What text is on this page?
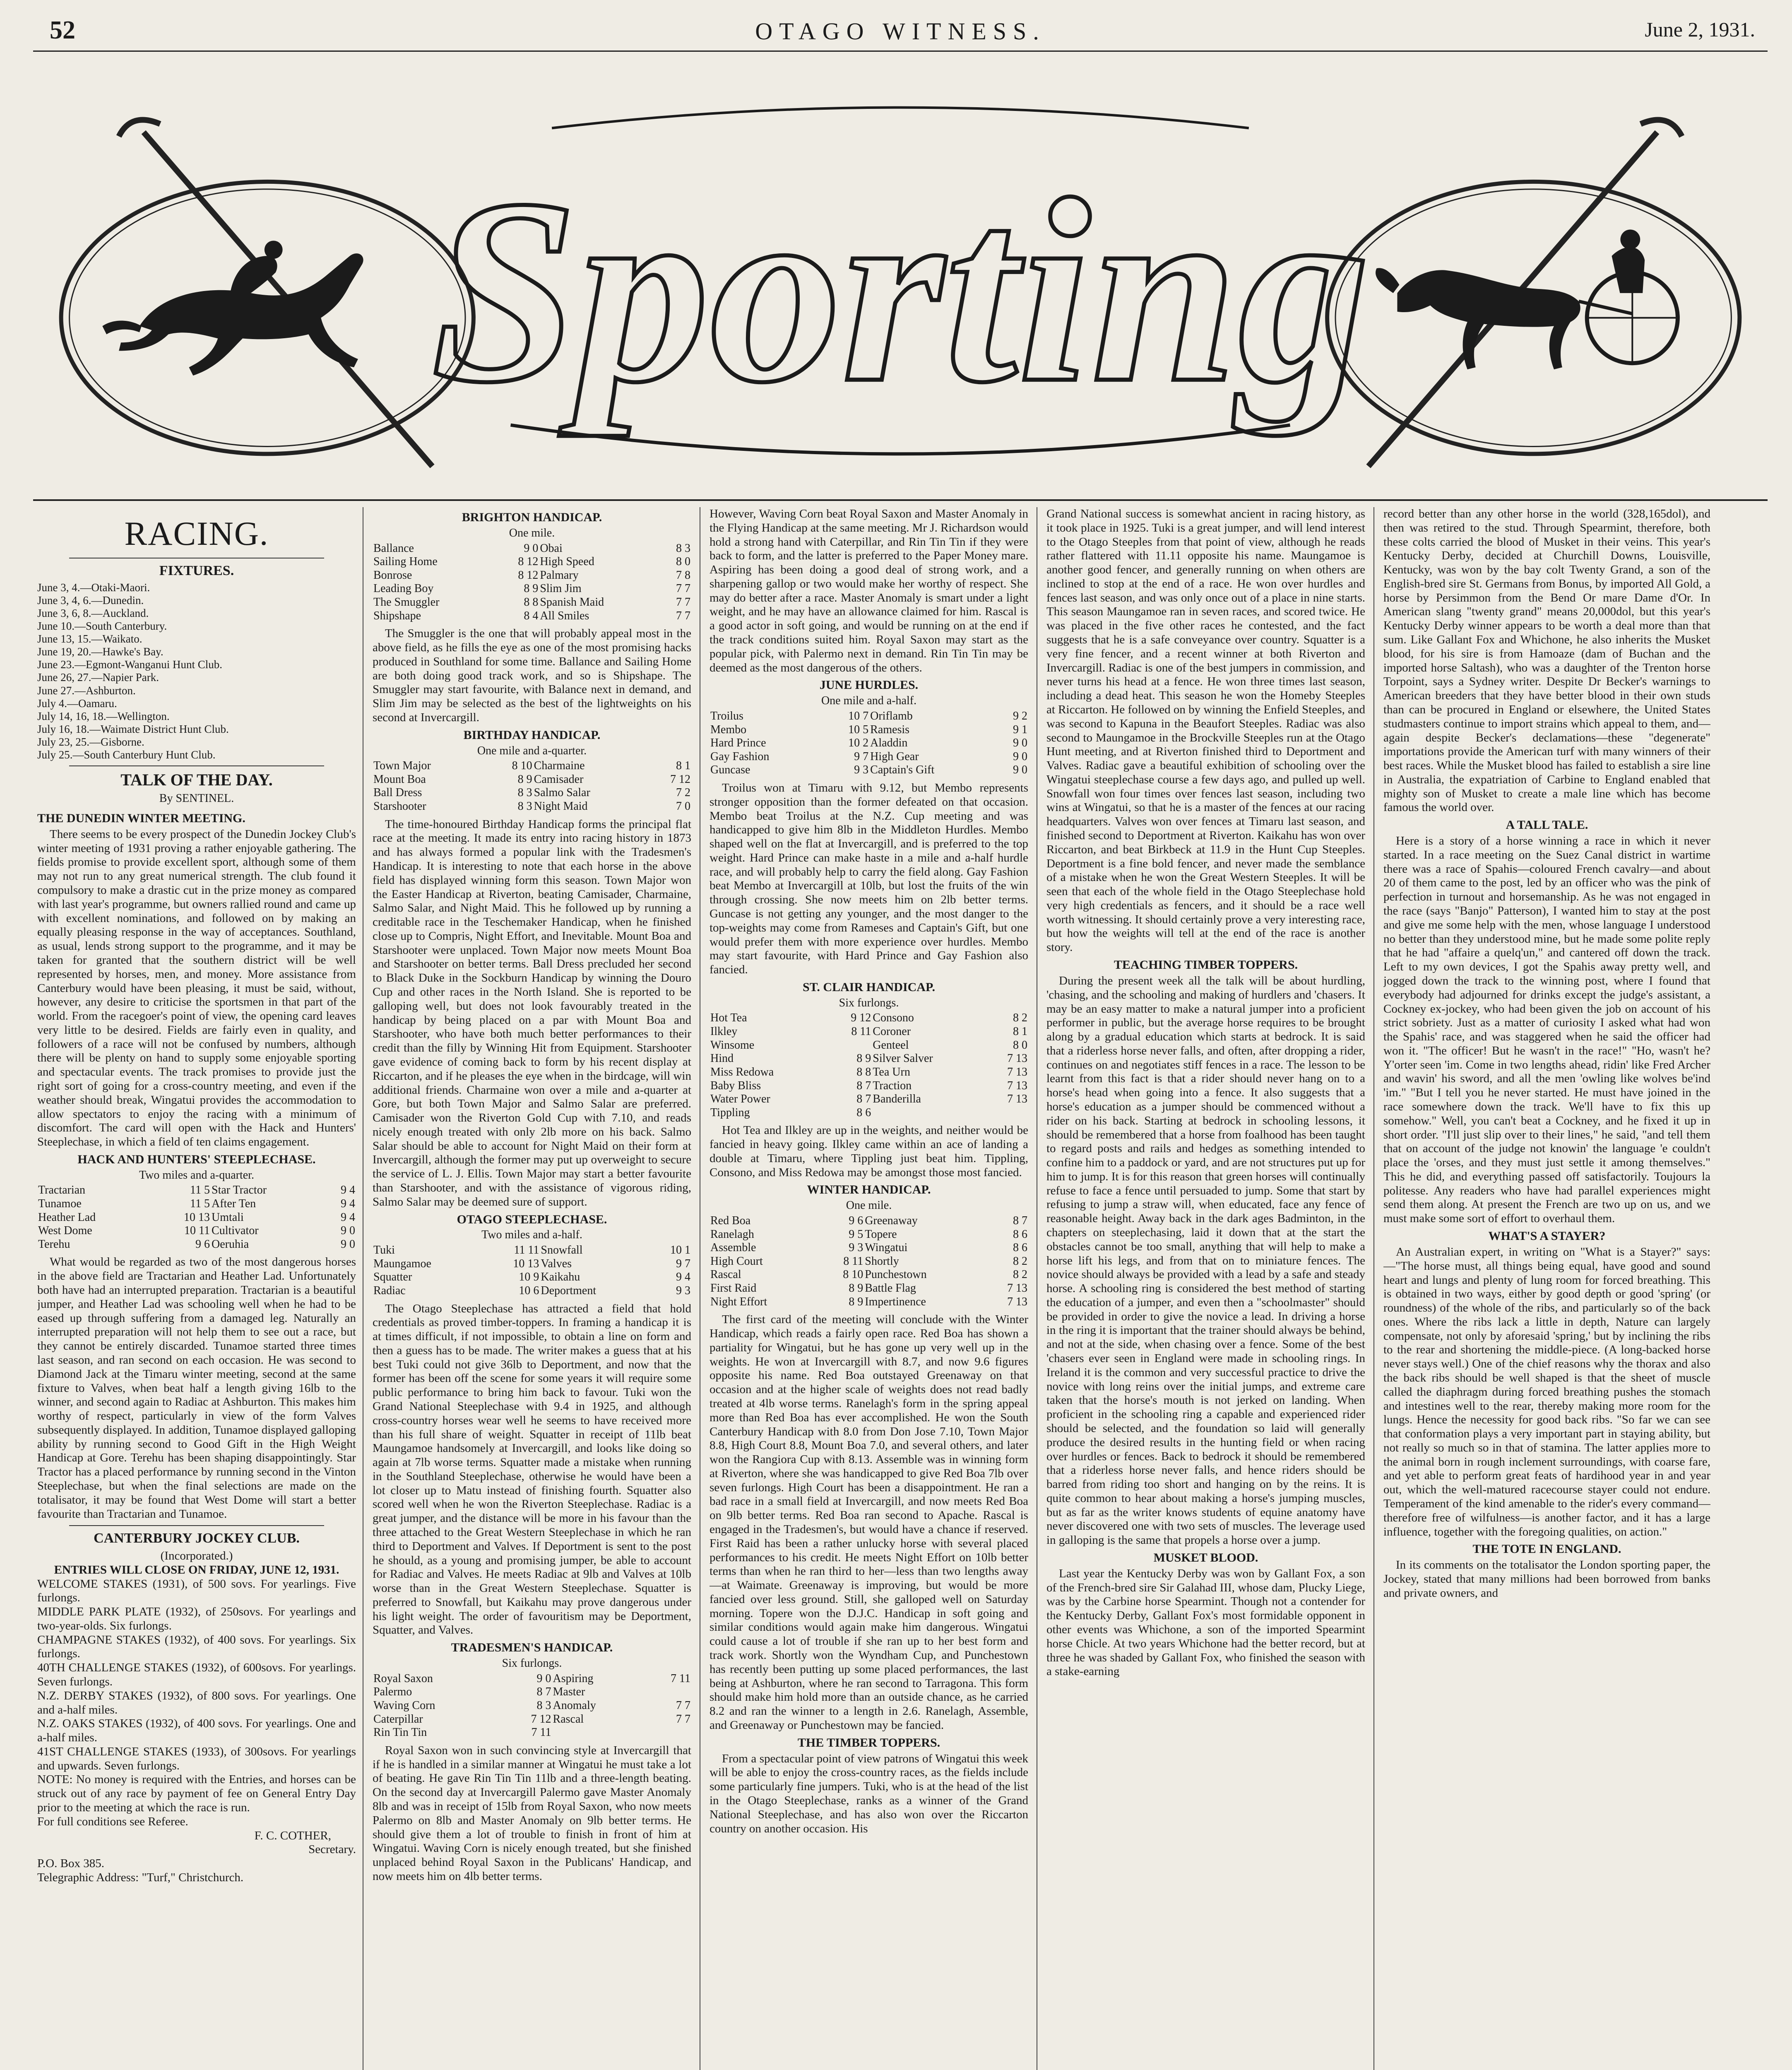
52	OTAGO WITNESS.	June 2, 1931.
Sporting
RACING.
FIXTURES.
June 3, 4.—Otaki-Maori.
June 3, 4, 6.—Dunedin.
June 3, 6, 8.—Auckland.
June 10.—South Canterbury.
June 13, 15.—Waikato.
June 19, 20.—Hawke's Bay.
June 23.—Egmont-Wanganui Hunt Club.
June 26, 27.—Napier Park.
June 27.—Ashburton.
July 4.—Oamaru.
July 14, 16, 18.—Wellington.
July 16, 18.—Waimate District Hunt Club.
July 23, 25.—Gisborne.
July 25.—South Canterbury Hunt Club.
TALK OF THE DAY.
By SENTINEL.
THE DUNEDIN WINTER MEETING.

There seems to be every prospect of the Dunedin Jockey Club's winter meeting of 1931 proving a rather enjoyable gathering. The fields promise to provide excellent sport, although some of them may not run to any great numerical strength. The club found it compulsory to make a drastic cut in the prize money as compared with last year's programme, but owners rallied round and came up with excellent nominations, and followed on by making an equally pleasing response in the way of acceptances. Southland, as usual, lends strong support to the programme, and it may be taken for granted that the southern district will be well represented by horses, men, and money. More assistance from Canterbury would have been pleasing, it must be said, without, however, any desire to criticise the sportsmen in that part of the world. From the racegoer's point of view, the opening card leaves very little to be desired. Fields are fairly even in quality, and followers of a race will not be confused by numbers, although there will be plenty on hand to supply some enjoyable sporting and spectacular events. The track promises to provide just the right sort of going for a cross-country meeting, and even if the weather should break, Wingatui provides the accommodation to allow spectators to enjoy the racing with a minimum of discomfort. The card will open with the Hack and Hunters' Steeplechase, in which a field of ten claims engagement.

HACK AND HUNTERS' STEEPLECHASE.
Two miles and a-quarter.
Tractarian	11 5	Star Tractor	9 4
Tunamoe	11 5	After Ten	9 4
Heather Lad	10 13	Umtali	9 4
West Dome	10 11	Cultivator	9 0
Terehu	9 6	Oeruhia	9 0

What would be regarded as two of the most dangerous horses in the above field are Tractarian and Heather Lad. Unfortunately both have had an interrupted preparation. Tractarian is a beautiful jumper, and Heather Lad was schooling well when he had to be eased up through suffering from a damaged leg. Naturally an interrupted preparation will not help them to see out a race, but they cannot be entirely discarded. Tunamoe started three times last season, and ran second on each occasion. He was second to Diamond Jack at the Timaru winter meeting, second at the same fixture to Valves, when beat half a length giving 16lb to the winner, and second again to Radiac at Ashburton. This makes him worthy of respect, particularly in view of the form Valves subsequently displayed. In addition, Tunamoe displayed galloping ability by running second to Good Gift in the High Weight Handicap at Gore. Terehu has been shaping disappointingly. Star Tractor has a placed performance by running second in the Vinton Steeplechase, but when the final selections are made on the totalisator, it may be found that West Dome will start a better favourite than Tractarian and Tunamoe.

CANTERBURY JOCKEY CLUB.
(Incorporated.)
ENTRIES WILL CLOSE ON FRIDAY, JUNE 12, 1931.

WELCOME STAKES (1931), of 500 sovs. For yearlings. Five furlongs.

MIDDLE PARK PLATE (1932), of 250sovs. For yearlings and two-year-olds. Six furlongs.

CHAMPAGNE STAKES (1932), of 400 sovs. For yearlings. Six furlongs.

40TH CHALLENGE STAKES (1932), of 600sovs. For yearlings. Seven furlongs.

N.Z. DERBY STAKES (1932), of 800 sovs. For yearlings. One and a-half miles.

N.Z. OAKS STAKES (1932), of 400 sovs. For yearlings. One and a-half miles.

41ST CHALLENGE STAKES (1933), of 300sovs. For yearlings and upwards. Seven furlongs.

NOTE: No money is required with the Entries, and horses can be struck out of any race by payment of fee on General Entry Day prior to the meeting at which the race is run.

For full conditions see Referee.

F. C. COTHER,
Secretary.
P.O. Box 385.
Telegraphic Address: "Turf," Christchurch.
BRIGHTON HANDICAP.
One mile.
Ballance	9 0	Obai	8 3
Sailing Home	8 12	High Speed	8 0
Bonrose	8 12	Palmary	7 8
Leading Boy	8 9	Slim Jim	7 7
The Smuggler	8 8	Spanish Maid	7 7
Shipshape	8 4	All Smiles	7 7

The Smuggler is the one that will probably appeal most in the above field, as he fills the eye as one of the most promising hacks produced in Southland for some time. Ballance and Sailing Home are both doing good track work, and so is Shipshape. The Smuggler may start favourite, with Balance next in demand, and Slim Jim may be selected as the best of the lightweights on his second at Invercargill.

BIRTHDAY HANDICAP.
One mile and a-quarter.
Town Major	8 10	Charmaine	8 1
Mount Boa	8 9	Camisader	7 12
Ball Dress	8 3	Salmo Salar	7 2
Starshooter	8 3	Night Maid	7 0

The time-honoured Birthday Handicap forms the principal flat race at the meeting. It made its entry into racing history in 1873 and has always formed a popular link with the Tradesmen's Handicap. It is interesting to note that each horse in the above field has displayed winning form this season. Town Major won the Easter Handicap at Riverton, beating Camisader, Charmaine, Salmo Salar, and Night Maid. This he followed up by running a creditable race in the Teschemaker Handicap, when he finished close up to Compris, Night Effort, and Inevitable. Mount Boa and Starshooter were unplaced. Town Major now meets Mount Boa and Starshooter on better terms. Ball Dress precluded her second to Black Duke in the Sockburn Handicap by winning the Douro Cup and other races in the North Island. She is reported to be galloping well, but does not look favourably treated in the handicap by being placed on a par with Mount Boa and Starshooter, who have both much better performances to their credit than the filly by Winning Hit from Equipment. Starshooter gave evidence of coming back to form by his recent display at Riccarton, and if he pleases the eye when in the birdcage, will win additional friends. Charmaine won over a mile and a-quarter at Gore, but both Town Major and Salmo Salar are preferred. Camisader won the Riverton Gold Cup with 7.10, and reads nicely enough treated with only 2lb more on his back. Salmo Salar should be able to account for Night Maid on their form at Invercargill, although the former may put up overweight to secure the service of L. J. Ellis. Town Major may start a better favourite than Starshooter, and with the assistance of vigorous riding, Salmo Salar may be deemed sure of support.

OTAGO STEEPLECHASE.
Two miles and a-half.
Tuki	11 11	Snowfall	10 1
Maungamoe	10 13	Valves	9 7
Squatter	10 9	Kaikahu	9 4
Radiac	10 6	Deportment	9 3

The Otago Steeplechase has attracted a field that hold credentials as proved timber-toppers. In framing a handicap it is at times difficult, if not impossible, to obtain a line on form and then a guess has to be made. The writer makes a guess that at his best Tuki could not give 36lb to Deportment, and now that the former has been off the scene for some years it will require some public performance to bring him back to favour. Tuki won the Grand National Steeplechase with 9.4 in 1925, and although cross-country horses wear well he seems to have received more than his full share of weight. Squatter in receipt of 11lb beat Maungamoe handsomely at Invercargill, and looks like doing so again at 7lb worse terms. Squatter made a mistake when running in the Southland Steeplechase, otherwise he would have been a lot closer up to Matu instead of finishing fourth. Squatter also scored well when he won the Riverton Steeplechase. Radiac is a great jumper, and the distance will be more in his favour than the three attached to the Great Western Steeplechase in which he ran third to Deportment and Valves. If Deportment is sent to the post he should, as a young and promising jumper, be able to account for Radiac and Valves. He meets Radiac at 9lb and Valves at 10lb worse than in the Great Western Steeplechase. Squatter is preferred to Snowfall, but Kaikahu may prove dangerous under his light weight. The order of favouritism may be Deportment, Squatter, and Valves.

TRADESMEN'S HANDICAP.
Six furlongs.
Royal Saxon	9 0	Aspiring	7 11
Palermo	8 7	Master	
Waving Corn	8 3	Anomaly	7 7
Caterpillar	7 12	Rascal	7 7
Rin Tin Tin	7 11		

Royal Saxon won in such convincing style at Invercargill that if he is handled in a similar manner at Wingatui he must take a lot of beating. He gave Rin Tin Tin 11lb and a three-length beating. On the second day at Invercargill Palermo gave Master Anomaly 8lb and was in receipt of 15lb from Royal Saxon, who now meets Palermo on 8lb and Master Anomaly on 9lb better terms. He should give them a lot of trouble to finish in front of him at Wingatui. Waving Corn is nicely enough treated, but she finished unplaced behind Royal Saxon in the Publicans' Handicap, and now meets him on 4lb better terms.

However, Waving Corn beat Royal Saxon and Master Anomaly in the Flying Handicap at the same meeting. Mr J. Richardson would hold a strong hand with Caterpillar, and Rin Tin Tin if they were back to form, and the latter is preferred to the Paper Money mare. Aspiring has been doing a good deal of strong work, and a sharpening gallop or two would make her worthy of respect. She may do better after a race. Master Anomaly is smart under a light weight, and he may have an allowance claimed for him. Rascal is a good actor in soft going, and would be running on at the end if the track conditions suited him. Royal Saxon may start as the popular pick, with Palermo next in demand. Rin Tin Tin may be deemed as the most dangerous of the others.

JUNE HURDLES.
One mile and a-half.
Troilus	10 7	Oriflamb	9 2
Membo	10 5	Ramesis	9 1
Hard Prince	10 2	Aladdin	9 0
Gay Fashion	9 7	High Gear	9 0
Guncase	9 3	Captain's Gift	9 0

Troilus won at Timaru with 9.12, but Membo represents stronger opposition than the former defeated on that occasion. Membo beat Troilus at the N.Z. Cup meeting and was handicapped to give him 8lb in the Middleton Hurdles. Membo shaped well on the flat at Invercargill, and is preferred to the top weight. Hard Prince can make haste in a mile and a-half hurdle race, and will probably help to carry the field along. Gay Fashion beat Membo at Invercargill at 10lb, but lost the fruits of the win through crossing. She now meets him on 2lb better terms. Guncase is not getting any younger, and the most danger to the top-weights may come from Rameses and Captain's Gift, but one would prefer them with more experience over hurdles. Membo may start favourite, with Hard Prince and Gay Fashion also fancied.

ST. CLAIR HANDICAP.
Six furlongs.
Hot Tea	9 12	Consono	8 2
Ilkley	8 11	Coroner	8 1
Winsome		Genteel	8 0
Hind	8 9	Silver Salver	7 13
Miss Redowa	8 8	Tea Urn	7 13
Baby Bliss	8 7	Traction	7 13
Water Power	8 7	Banderilla	7 13
Tippling	8 6		

Hot Tea and Ilkley are up in the weights, and neither would be fancied in heavy going. Ilkley came within an ace of landing a double at Timaru, where Tippling just beat him. Tippling, Consono, and Miss Redowa may be amongst those most fancied.

WINTER HANDICAP.
One mile.
Red Boa	9 6	Greenaway	8 7
Ranelagh	9 5	Topere	8 6
Assemble	9 3	Wingatui	8 6
High Court	8 11	Shortly	8 2
Rascal	8 10	Punchestown	8 2
First Raid	8 9	Battle Flag	7 13
Night Effort	8 9	Impertinence	7 13

The first card of the meeting will conclude with the Winter Handicap, which reads a fairly open race. Red Boa has shown a partiality for Wingatui, but he has gone up very well up in the weights. He won at Invercargill with 8.7, and now 9.6 figures opposite his name. Red Boa outstayed Greenaway on that occasion and at the higher scale of weights does not read badly treated at 4lb worse terms. Ranelagh's form in the spring appeal more than Red Boa has ever accomplished. He won the South Canterbury Handicap with 8.0 from Don Jose 7.10, Town Major 8.8, High Court 8.8, Mount Boa 7.0, and several others, and later won the Rangiora Cup with 8.13. Assemble was in winning form at Riverton, where she was handicapped to give Red Boa 7lb over seven furlongs. High Court has been a disappointment. He ran a bad race in a small field at Invercargill, and now meets Red Boa on 9lb better terms. Red Boa ran second to Apache. Rascal is engaged in the Tradesmen's, but would have a chance if reserved. First Raid has been a rather unlucky horse with several placed performances to his credit. He meets Night Effort on 10lb better terms than when he ran third to her—less than two lengths away—at Waimate. Greenaway is improving, but would be more fancied over less ground. Still, she galloped well on Saturday morning. Topere won the D.J.C. Handicap in soft going and similar conditions would again make him dangerous. Wingatui could cause a lot of trouble if she ran up to her best form and track work. Shortly won the Wyndham Cup, and Punchestown has recently been putting up some placed performances, the last being at Ashburton, where he ran second to Tarragona. This form should make him hold more than an outside chance, as he carried 8.2 and ran the winner to a length in 2.6. Ranelagh, Assemble, and Greenaway or Punchestown may be fancied.

THE TIMBER TOPPERS.

From a spectacular point of view patrons of Wingatui this week will be able to enjoy the cross-country races, as the fields include some particularly fine jumpers. Tuki, who is at the head of the list in the Otago Steeplechase, ranks as a winner of the Grand National Steeplechase, and has also won over the Riccarton country on another occasion. His

Grand National success is somewhat ancient in racing history, as it took place in 1925. Tuki is a great jumper, and will lend interest to the Otago Steeples from that point of view, although he reads rather flattered with 11.11 opposite his name. Maungamoe is another good fencer, and generally running on when others are inclined to stop at the end of a race. He won over hurdles and fences last season, and was only once out of a place in nine starts. This season Maungamoe ran in seven races, and scored twice. He was placed in the five other races he contested, and the fact suggests that he is a safe conveyance over country. Squatter is a very fine fencer, and a recent winner at both Riverton and Invercargill. Radiac is one of the best jumpers in commission, and never turns his head at a fence. He won three times last season, including a dead heat. This season he won the Homeby Steeples at Riccarton. He followed on by winning the Enfield Steeples, and was second to Kapuna in the Beaufort Steeples. Radiac was also second to Maungamoe in the Brockville Steeples run at the Otago Hunt meeting, and at Riverton finished third to Deportment and Valves. Radiac gave a beautiful exhibition of schooling over the Wingatui steeplechase course a few days ago, and pulled up well. Snowfall won four times over fences last season, including two wins at Wingatui, so that he is a master of the fences at our racing headquarters. Valves won over fences at Timaru last season, and finished second to Deportment at Riverton. Kaikahu has won over Riccarton, and beat Birkbeck at 11.9 in the Hunt Cup Steeples. Deportment is a fine bold fencer, and never made the semblance of a mistake when he won the Great Western Steeples. It will be seen that each of the whole field in the Otago Steeplechase hold very high credentials as fencers, and it should be a race well worth witnessing. It should certainly prove a very interesting race, but how the weights will tell at the end of the race is another story.

TEACHING TIMBER TOPPERS.

During the present week all the talk will be about hurdling, 'chasing, and the schooling and making of hurdlers and 'chasers. It may be an easy matter to make a natural jumper into a proficient performer in public, but the average horse requires to be brought along by a gradual education which starts at bedrock. It is said that a riderless horse never falls, and often, after dropping a rider, continues on and negotiates stiff fences in a race. The lesson to be learnt from this fact is that a rider should never hang on to a horse's head when going into a fence. It also suggests that a horse's education as a jumper should be commenced without a rider on his back. Starting at bedrock in schooling lessons, it should be remembered that a horse from foalhood has been taught to regard posts and rails and hedges as something intended to confine him to a paddock or yard, and are not structures put up for him to jump. It is for this reason that green horses will continually refuse to face a fence until persuaded to jump. Some that start by refusing to jump a straw will, when educated, face any fence of reasonable height. Away back in the dark ages Badminton, in the chapters on steeplechasing, laid it down that at the start the obstacles cannot be too small, anything that will help to make a horse lift his legs, and from that on to miniature fences. The novice should always be provided with a lead by a safe and steady horse. A schooling ring is considered the best method of starting the education of a jumper, and even then a "schoolmaster" should be provided in order to give the novice a lead. In driving a horse in the ring it is important that the trainer should always be behind, and not at the side, when chasing over a fence. Some of the best 'chasers ever seen in England were made in schooling rings. In Ireland it is the common and very successful practice to drive the novice with long reins over the initial jumps, and extreme care taken that the horse's mouth is not jerked on landing. When proficient in the schooling ring a capable and experienced rider should be selected, and the foundation so laid will generally produce the desired results in the hunting field or when racing over hurdles or fences. Back to bedrock it should be remembered that a riderless horse never falls, and hence riders should be barred from riding too short and hanging on by the reins. It is quite common to hear about making a horse's jumping muscles, but as far as the writer knows students of equine anatomy have never discovered one with two sets of muscles. The leverage used in galloping is the same that propels a horse over a jump.

MUSKET BLOOD.

Last year the Kentucky Derby was won by Gallant Fox, a son of the French-bred sire Sir Galahad III, whose dam, Plucky Liege, was by the Carbine horse Spearmint. Though not a contender for the Kentucky Derby, Gallant Fox's most formidable opponent in other events was Whichone, a son of the imported Spearmint horse Chicle. At two years Whichone had the better record, but at three he was shaded by Gallant Fox, who finished the season with a stake-earning

record better than any other horse in the world (328,165dol), and then was retired to the stud. Through Spearmint, therefore, both these colts carried the blood of Musket in their veins. This year's Kentucky Derby, decided at Churchill Downs, Louisville, Kentucky, was won by the bay colt Twenty Grand, a son of the English-bred sire St. Germans from Bonus, by imported All Gold, a horse by Persimmon from the Bend Or mare Dame d'Or. In American slang "twenty grand" means 20,000dol, but this year's Kentucky Derby winner appears to be worth a deal more than that sum. Like Gallant Fox and Whichone, he also inherits the Musket blood, for his sire is from Hamoaze (dam of Buchan and the imported horse Saltash), who was a daughter of the Trenton horse Torpoint, says a Sydney writer. Despite Dr Becker's warnings to American breeders that they have better blood in their own studs than can be procured in England or elsewhere, the United States studmasters continue to import strains which appeal to them, and—again despite Becker's declamations—these "degenerate" importations provide the American turf with many winners of their best races. While the Musket blood has failed to establish a sire line in Australia, the expatriation of Carbine to England enabled that mighty son of Musket to create a male line which has become famous the world over.

A TALL TALE.

Here is a story of a horse winning a race in which it never started. In a race meeting on the Suez Canal district in wartime there was a race of Spahis—coloured French cavalry—and about 20 of them came to the post, led by an officer who was the pink of perfection in turnout and horsemanship. As he was not engaged in the race (says "Banjo" Patterson), I wanted him to stay at the post and give me some help with the men, whose language I understood no better than they understood mine, but he made some polite reply that he had "affaire a quelq'un," and cantered off down the track. Left to my own devices, I got the Spahis away pretty well, and jogged down the track to the winning post, where I found that everybody had adjourned for drinks except the judge's assistant, a Cockney ex-jockey, who had been given the job on account of his strict sobriety. Just as a matter of curiosity I asked what had won the Spahis' race, and was staggered when he said the officer had won it. "The officer! But he wasn't in the race!" "Ho, wasn't he? Y'orter seen 'im. Come in two lengths ahead, ridin' like Fred Archer and wavin' his sword, and all the men 'owling like wolves be'ind 'im." "But I tell you he never started. He must have joined in the race somewhere down the track. We'll have to fix this up somehow." Well, you can't beat a Cockney, and he fixed it up in short order. "I'll just slip over to their lines," he said, "and tell them that on account of the judge not knowin' the language 'e couldn't place the 'orses, and they must just settle it among themselves." This he did, and everything passed off satisfactorily. Toujours la politesse. Any readers who have had parallel experiences might send them along. At present the French are two up on us, and we must make some sort of effort to overhaul them.

WHAT'S A STAYER?

An Australian expert, in writing on "What is a Stayer?" says:—"The horse must, all things being equal, have good and sound heart and lungs and plenty of lung room for forced breathing. This is obtained in two ways, either by good depth or good 'spring' (or roundness) of the whole of the ribs, and particularly so of the back ones. Where the ribs lack a little in depth, Nature can largely compensate, not only by aforesaid 'spring,' but by inclining the ribs to the rear and shortening the middle-piece. (A long-backed horse never stays well.) One of the chief reasons why the thorax and also the back ribs should be well shaped is that the sheet of muscle called the diaphragm during forced breathing pushes the stomach and intestines well to the rear, thereby making more room for the lungs. Hence the necessity for good back ribs. "So far we can see that conformation plays a very important part in staying ability, but not really so much so in that of stamina. The latter applies more to the animal born in rough inclement surroundings, with coarse fare, and yet able to perform great feats of hardihood year in and year out, which the well-matured racecourse stayer could not endure. Temperament of the kind amenable to the rider's every command—therefore free of wilfulness—is another factor, and it has a large influence, together with the foregoing qualities, on action."

THE TOTE IN ENGLAND.

In its comments on the totalisator the London sporting paper, the Jockey, stated that many millions had been borrowed from banks and private owners, and
